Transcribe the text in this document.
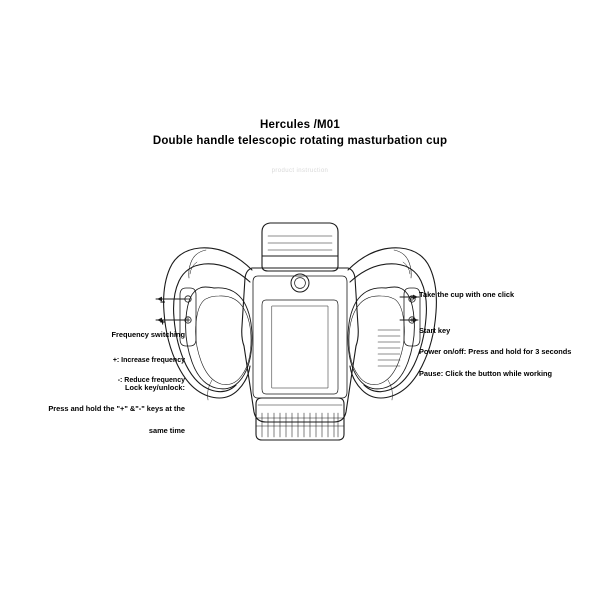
Hercules /M01
Double handle telescopic rotating masturbation cup
product instruction
−
+
Take the cup with one click

Start key

Power on/off: Press and hold for 3 seconds

Pause: Click the button while working

Frequency switching

+: Increase frequency

-: Reduce frequency

Lock key/unlock:

Press and hold the "+" &"-" keys at the

same time
